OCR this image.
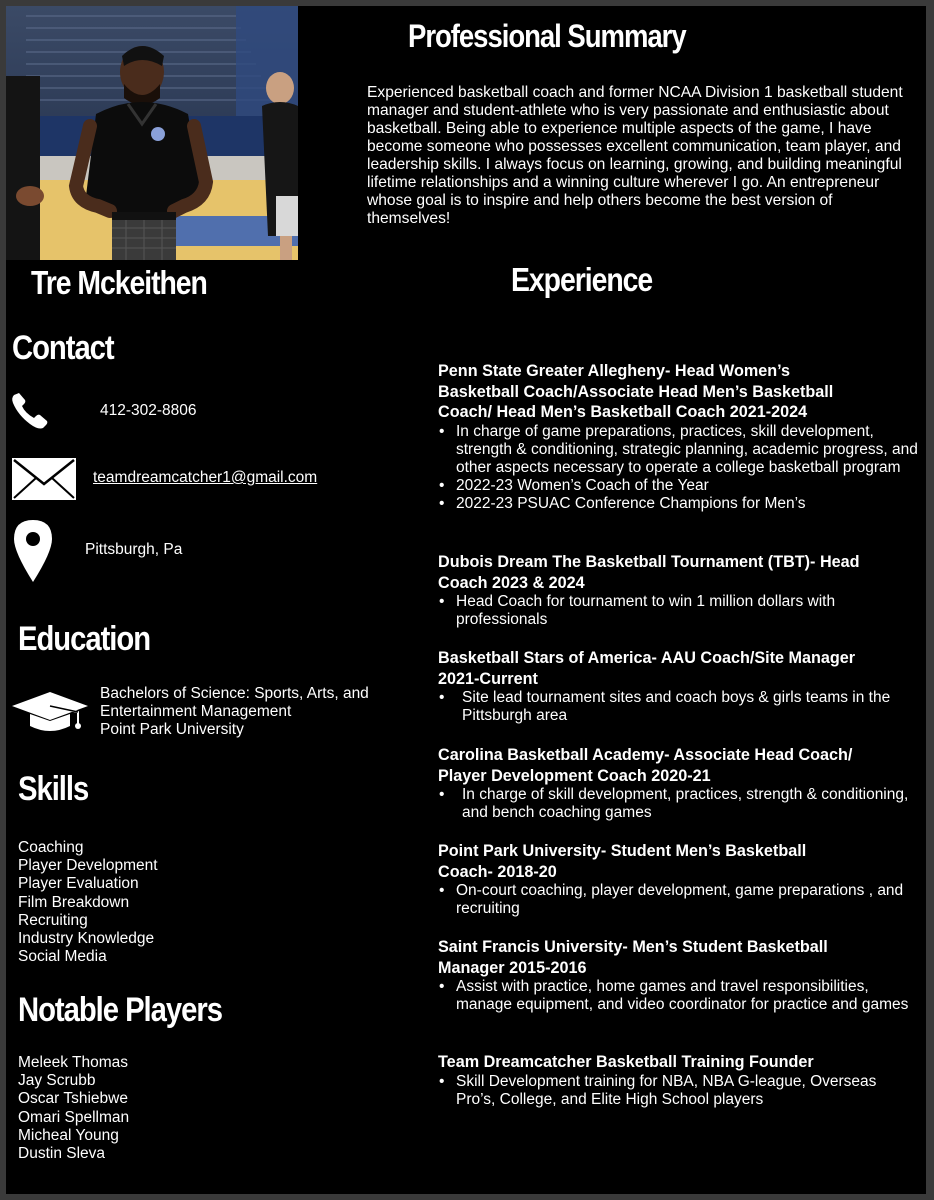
Professional Summary
Experienced basketball coach and former NCAA Division 1 basketball student manager and student-athlete who is very passionate and enthusiastic about basketball. Being able to experience multiple aspects of the game, I have become someone who possesses excellent communication, team player, and leadership skills. I always focus on learning, growing, and building meaningful lifetime relationships and a winning culture wherever I go. An entrepreneur whose goal is to inspire and help others become the best version of themselves!
Tre Mckeithen	Experience
Contact
412-302-8806
teamdreamcatcher1@gmail.com
Pittsburgh, Pa
Education
Bachelors of Science: Sports, Arts, and
Entertainment Management
Point Park University
Skills
Coaching
Player Development
Player Evaluation
Film Breakdown
Recruiting
Industry Knowledge
Social Media
Notable Players
Meleek Thomas
Jay Scrubb
Oscar Tshiebwe
Omari Spellman
Micheal Young
Dustin Sleva
Penn State Greater Allegheny- Head Women’s
Basketball Coach/Associate Head Men’s Basketball
Coach/ Head Men’s Basketball Coach 2021-2024
• In charge of game preparations, practices, skill development, strength & conditioning, strategic planning, academic progress, and other aspects necessary to operate a college basketball program
• 2022-23 Women’s Coach of the Year
• 2022-23 PSUAC Conference Champions for Men’s
Dubois Dream The Basketball Tournament (TBT)- Head
Coach 2023 & 2024
• Head Coach for tournament to win 1 million dollars with professionals
Basketball Stars of America- AAU Coach/Site Manager
2021-Current
• Site lead tournament sites and coach boys & girls teams in the Pittsburgh area
Carolina Basketball Academy- Associate Head Coach/
Player Development Coach 2020-21
• In charge of skill development, practices, strength & conditioning, and bench coaching games
Point Park University- Student Men’s Basketball
Coach- 2018-20
• On-court coaching, player development, game preparations , and recruiting
Saint Francis University- Men’s Student Basketball
Manager 2015-2016
• Assist with practice, home games and travel responsibilities, manage equipment, and video coordinator for practice and games
Team Dreamcatcher Basketball Training Founder
• Skill Development training for NBA, NBA G-league, Overseas Pro’s, College, and Elite High School players
